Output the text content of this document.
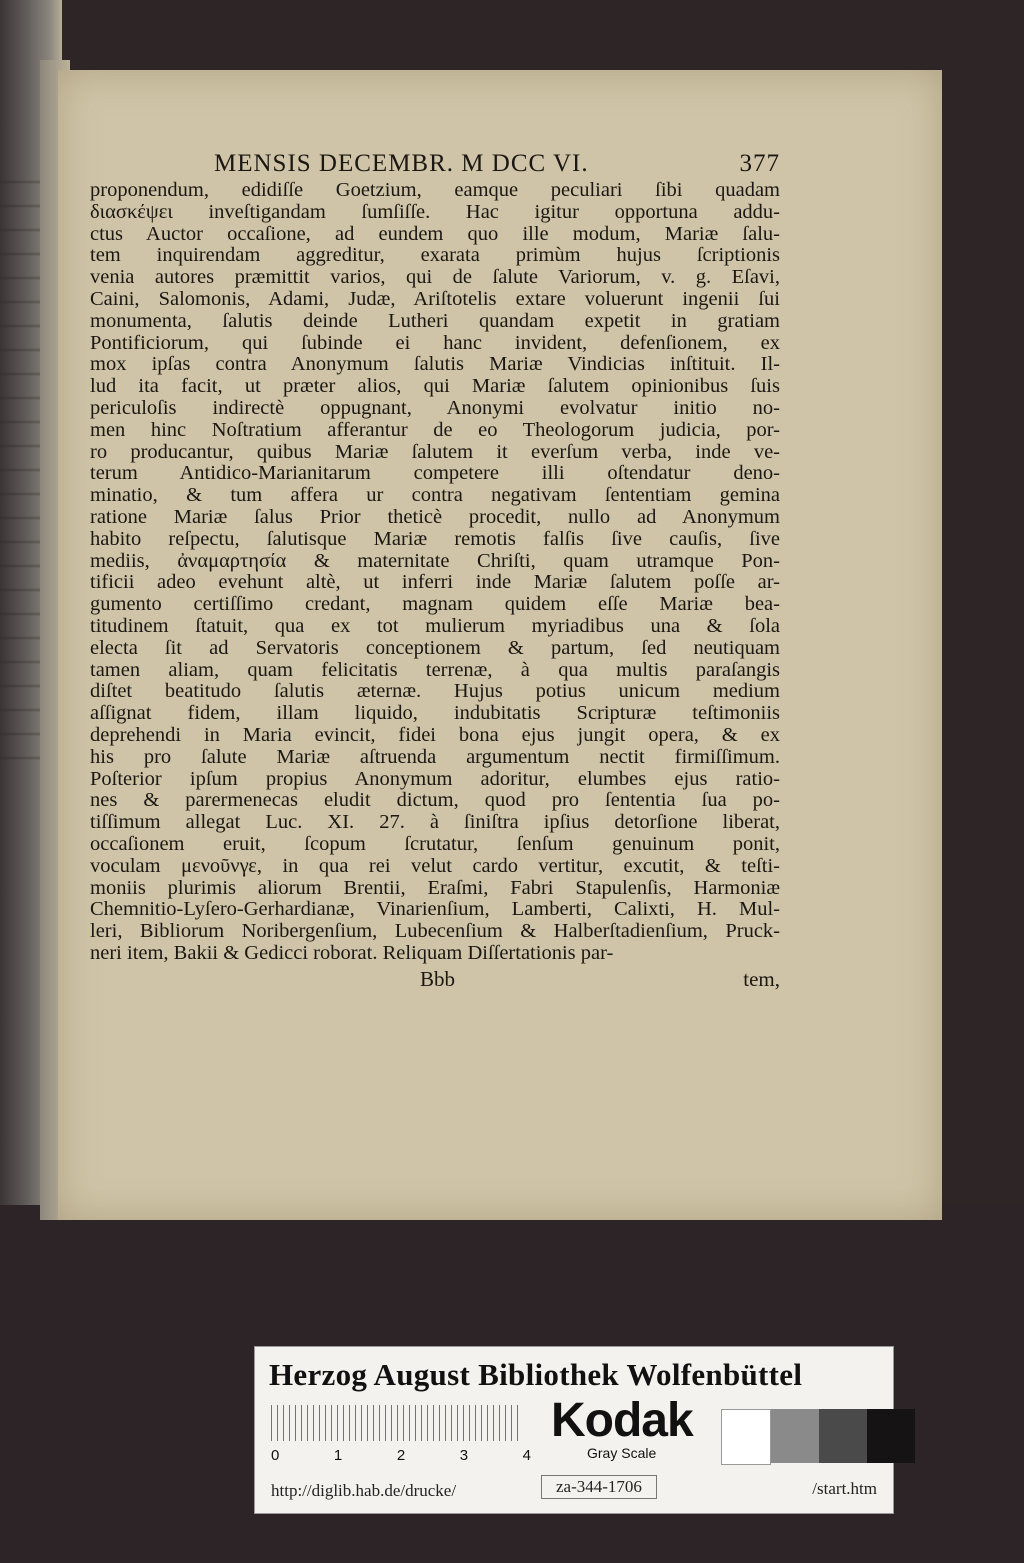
MENSIS DECEMBR. M DCC VI.	377
proponendum, edidiſſe Goetzium, eamque peculiari ſibi quadam
διασκέψει inveſtigandam ſumſiſſe. Hac igitur opportuna addu-
ctus Auctor occaſione, ad eundem quo ille modum, Mariæ ſalu-
tem inquirendam aggreditur, exarata primùm hujus ſcriptionis
venia autores præmittit varios, qui de ſalute Variorum, v. g. Eſavi,
Caini, Salomonis, Adami, Judæ, Ariſtotelis extare voluerunt ingenii ſui
monumenta, ſalutis deinde Lutheri quandam expetit in gratiam
Pontificiorum, qui ſubinde ei hanc invident, defenſionem, ex
mox ipſas contra Anonymum ſalutis Mariæ Vindicias inſtituit. Il-
lud ita facit, ut præter alios, qui Mariæ ſalutem opinionibus ſuis
periculoſis indirectè oppugnant, Anonymi evolvatur initio no-
men hinc Noſtratium afferantur de eo Theologorum judicia, por-
ro producantur, quibus Mariæ ſalutem it everſum verba, inde ve-
terum Antidico-Marianitarum competere illi oſtendatur deno-
minatio, & tum affera ur contra negativam ſententiam gemina
ratione Mariæ ſalus Prior theticè procedit, nullo ad Anonymum
habito reſpectu, ſalutisque Mariæ remotis falſis ſive cauſis, ſive
mediis, ἀναμαρτησία & maternitate Chriſti, quam utramque Pon-
tificii adeo evehunt altè, ut inferri inde Mariæ ſalutem poſſe ar-
gumento certiſſimo credant, magnam quidem eſſe Mariæ bea-
titudinem ſtatuit, qua ex tot mulierum myriadibus una & ſola
electa ſit ad Servatoris conceptionem & partum, ſed neutiquam
tamen aliam, quam felicitatis terrenæ, à qua multis paraſangis
diſtet beatitudo ſalutis æternæ. Hujus potius unicum medium
aſſignat fidem, illam liquido, indubitatis Scripturæ teſtimoniis
deprehendi in Maria evincit, fidei bona ejus jungit opera, & ex
his pro ſalute Mariæ aſtruenda argumentum nectit firmiſſimum.
Poſterior ipſum propius Anonymum adoritur, elumbes ejus ratio-
nes & parermenecas eludit dictum, quod pro ſententia ſua po-
tiſſimum allegat Luc. XI. 27. à ſiniſtra ipſius detorſione liberat,
occaſionem eruit, ſcopum ſcrutatur, ſenſum genuinum ponit,
voculam μενοῦνγε, in qua rei velut cardo vertitur, excutit, & teſti-
moniis plurimis aliorum Brentii, Eraſmi, Fabri Stapulenſis, Harmoniæ
Chemnitio-Lyſero-Gerhardianæ, Vinarienſium, Lamberti, Calixti, H. Mul-
leri, Bibliorum Noribergenſium, Lubecenſium & Halberſtadienſium, Pruck-
neri item, Bakii & Gedicci roborat. Reliquam Diſſertationis par-
Bbb	tem,
Herzog August Bibliothek Wolfenbüttel
0	1	2	3	4
Kodak
Gray Scale
http://diglib.hab.de/drucke/	za-344-1706	/start.htm
